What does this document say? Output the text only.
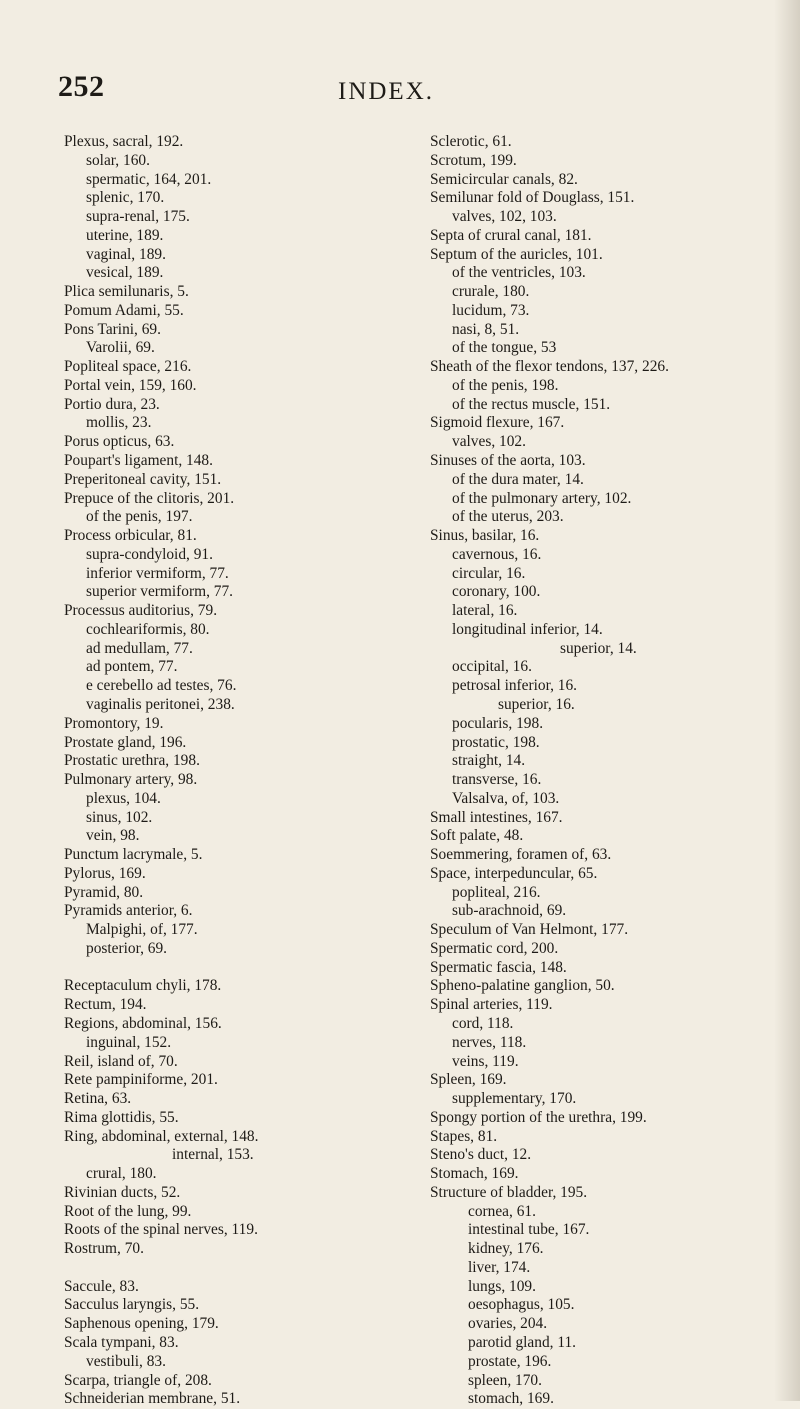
252	INDEX.
Plexus, sacral, 192.
solar, 160.
spermatic, 164, 201.
splenic, 170.
supra-renal, 175.
uterine, 189.
vaginal, 189.
vesical, 189.
Plica semilunaris, 5.
Pomum Adami, 55.
Pons Tarini, 69.
Varolii, 69.
Popliteal space, 216.
Portal vein, 159, 160.
Portio dura, 23.
mollis, 23.
Porus opticus, 63.
Poupart's ligament, 148.
Preperitoneal cavity, 151.
Prepuce of the clitoris, 201.
of the penis, 197.
Process orbicular, 81.
supra-condyloid, 91.
inferior vermiform, 77.
superior vermiform, 77.
Processus auditorius, 79.
cochleariformis, 80.
ad medullam, 77.
ad pontem, 77.
e cerebello ad testes, 76.
vaginalis peritonei, 238.
Promontory, 19.
Prostate gland, 196.
Prostatic urethra, 198.
Pulmonary artery, 98.
plexus, 104.
sinus, 102.
vein, 98.
Punctum lacrymale, 5.
Pylorus, 169.
Pyramid, 80.
Pyramids anterior, 6.
Malpighi, of, 177.
posterior, 69.
Receptaculum chyli, 178.
Rectum, 194.
Regions, abdominal, 156.
inguinal, 152.
Reil, island of, 70.
Rete pampiniforme, 201.
Retina, 63.
Rima glottidis, 55.
Ring, abdominal, external, 148.
internal, 153.
crural, 180.
Rivinian ducts, 52.
Root of the lung, 99.
Roots of the spinal nerves, 119.
Rostrum, 70.
Saccule, 83.
Sacculus laryngis, 55.
Saphenous opening, 179.
Scala tympani, 83.
vestibuli, 83.
Scarpa, triangle of, 208.
Schneiderian membrane, 51.
Sclerotic, 61.
Scrotum, 199.
Semicircular canals, 82.
Semilunar fold of Douglass, 151.
valves, 102, 103.
Septa of crural canal, 181.
Septum of the auricles, 101.
of the ventricles, 103.
crurale, 180.
lucidum, 73.
nasi, 8, 51.
of the tongue, 53
Sheath of the flexor tendons, 137, 226.
of the penis, 198.
of the rectus muscle, 151.
Sigmoid flexure, 167.
valves, 102.
Sinuses of the aorta, 103.
of the dura mater, 14.
of the pulmonary artery, 102.
of the uterus, 203.
Sinus, basilar, 16.
cavernous, 16.
circular, 16.
coronary, 100.
lateral, 16.
longitudinal inferior, 14.
superior, 14.
occipital, 16.
petrosal inferior, 16.
superior, 16.
pocularis, 198.
prostatic, 198.
straight, 14.
transverse, 16.
Valsalva, of, 103.
Small intestines, 167.
Soft palate, 48.
Soemmering, foramen of, 63.
Space, interpeduncular, 65.
popliteal, 216.
sub-arachnoid, 69.
Speculum of Van Helmont, 177.
Spermatic cord, 200.
Spermatic fascia, 148.
Spheno-palatine ganglion, 50.
Spinal arteries, 119.
cord, 118.
nerves, 118.
veins, 119.
Spleen, 169.
supplementary, 170.
Spongy portion of the urethra, 199.
Stapes, 81.
Steno's duct, 12.
Stomach, 169.
Structure of bladder, 195.
cornea, 61.
intestinal tube, 167.
kidney, 176.
liver, 174.
lungs, 109.
oesophagus, 105.
ovaries, 204.
parotid gland, 11.
prostate, 196.
spleen, 170.
stomach, 169.
